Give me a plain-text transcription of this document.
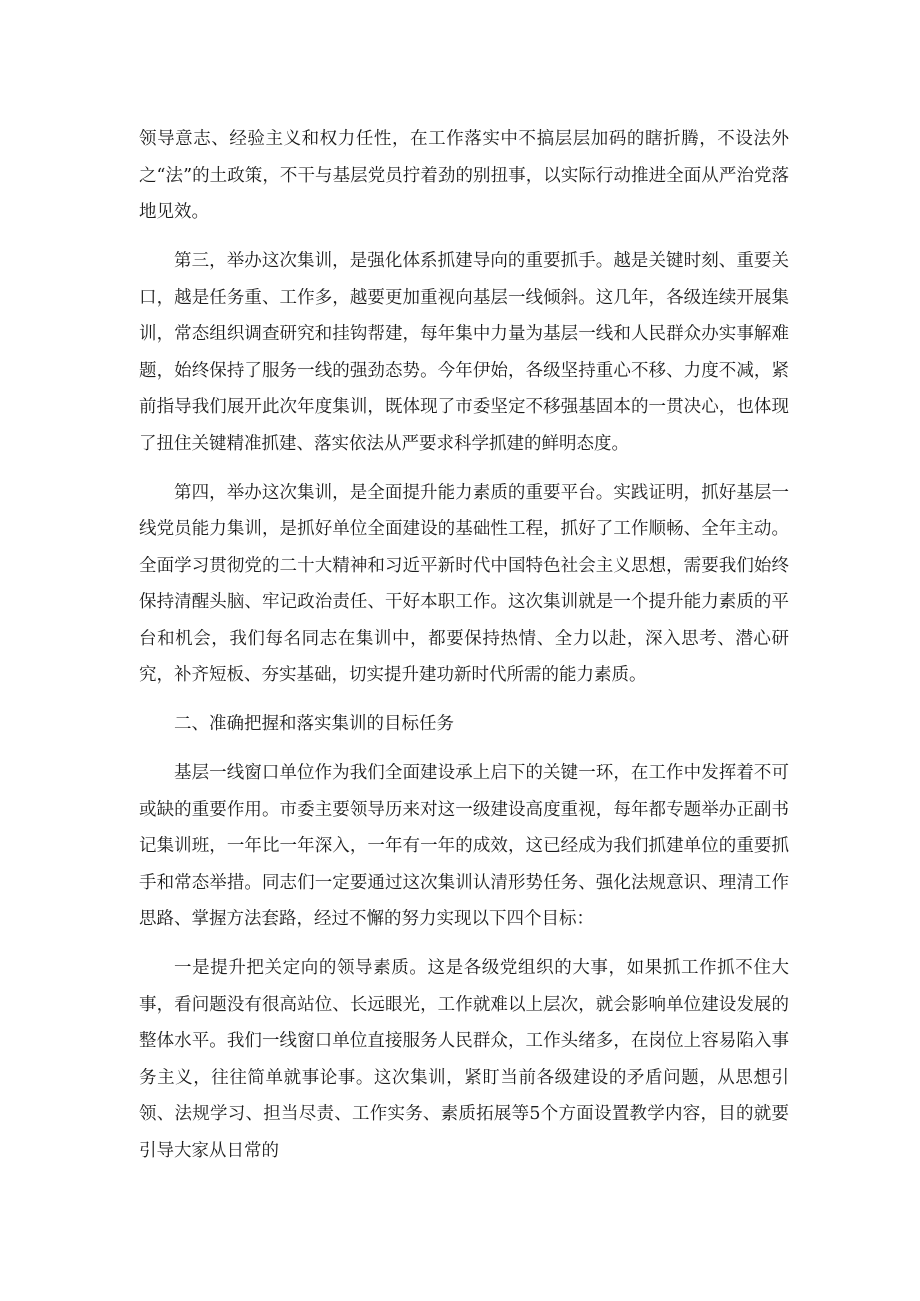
领导意志、经验主义和权力任性，在工作落实中不搞层层加码的瞎折腾，不设法外之“法”的土政策，不干与基层党员拧着劲的别扭事，以实际行动推进全面从严治党落地见效。

第三，举办这次集训，是强化体系抓建导向的重要抓手。越是关键时刻、重要关口，越是任务重、工作多，越要更加重视向基层一线倾斜。这几年，各级连续开展集训，常态组织调查研究和挂钩帮建，每年集中力量为基层一线和人民群众办实事解难题，始终保持了服务一线的强劲态势。今年伊始，各级坚持重心不移、力度不减，紧前指导我们展开此次年度集训，既体现了市委坚定不移强基固本的一贯决心，也体现了扭住关键精准抓建、落实依法从严要求科学抓建的鲜明态度。

第四，举办这次集训，是全面提升能力素质的重要平台。实践证明，抓好基层一线党员能力集训，是抓好单位全面建设的基础性工程，抓好了工作顺畅、全年主动。全面学习贯彻党的二十大精神和习近平新时代中国特色社会主义思想，需要我们始终保持清醒头脑、牢记政治责任、干好本职工作。这次集训就是一个提升能力素质的平台和机会，我们每名同志在集训中，都要保持热情、全力以赴，深入思考、潜心研究，补齐短板、夯实基础，切实提升建功新时代所需的能力素质。

二、准确把握和落实集训的目标任务

基层一线窗口单位作为我们全面建设承上启下的关键一环，在工作中发挥着不可或缺的重要作用。市委主要领导历来对这一级建设高度重视，每年都专题举办正副书记集训班，一年比一年深入，一年有一年的成效，这已经成为我们抓建单位的重要抓手和常态举措。同志们一定要通过这次集训认清形势任务、强化法规意识、理清工作思路、掌握方法套路，经过不懈的努力实现以下四个目标：

一是提升把关定向的领导素质。这是各级党组织的大事，如果抓工作抓不住大事，看问题没有很高站位、长远眼光，工作就难以上层次，就会影响单位建设发展的整体水平。我们一线窗口单位直接服务人民群众，工作头绪多，在岗位上容易陷入事务主义，往往简单就事论事。这次集训，紧盯当前各级建设的矛盾问题，从思想引领、法规学习、担当尽责、工作实务、素质拓展等5个方面设置教学内容，目的就要引导大家从日常的
